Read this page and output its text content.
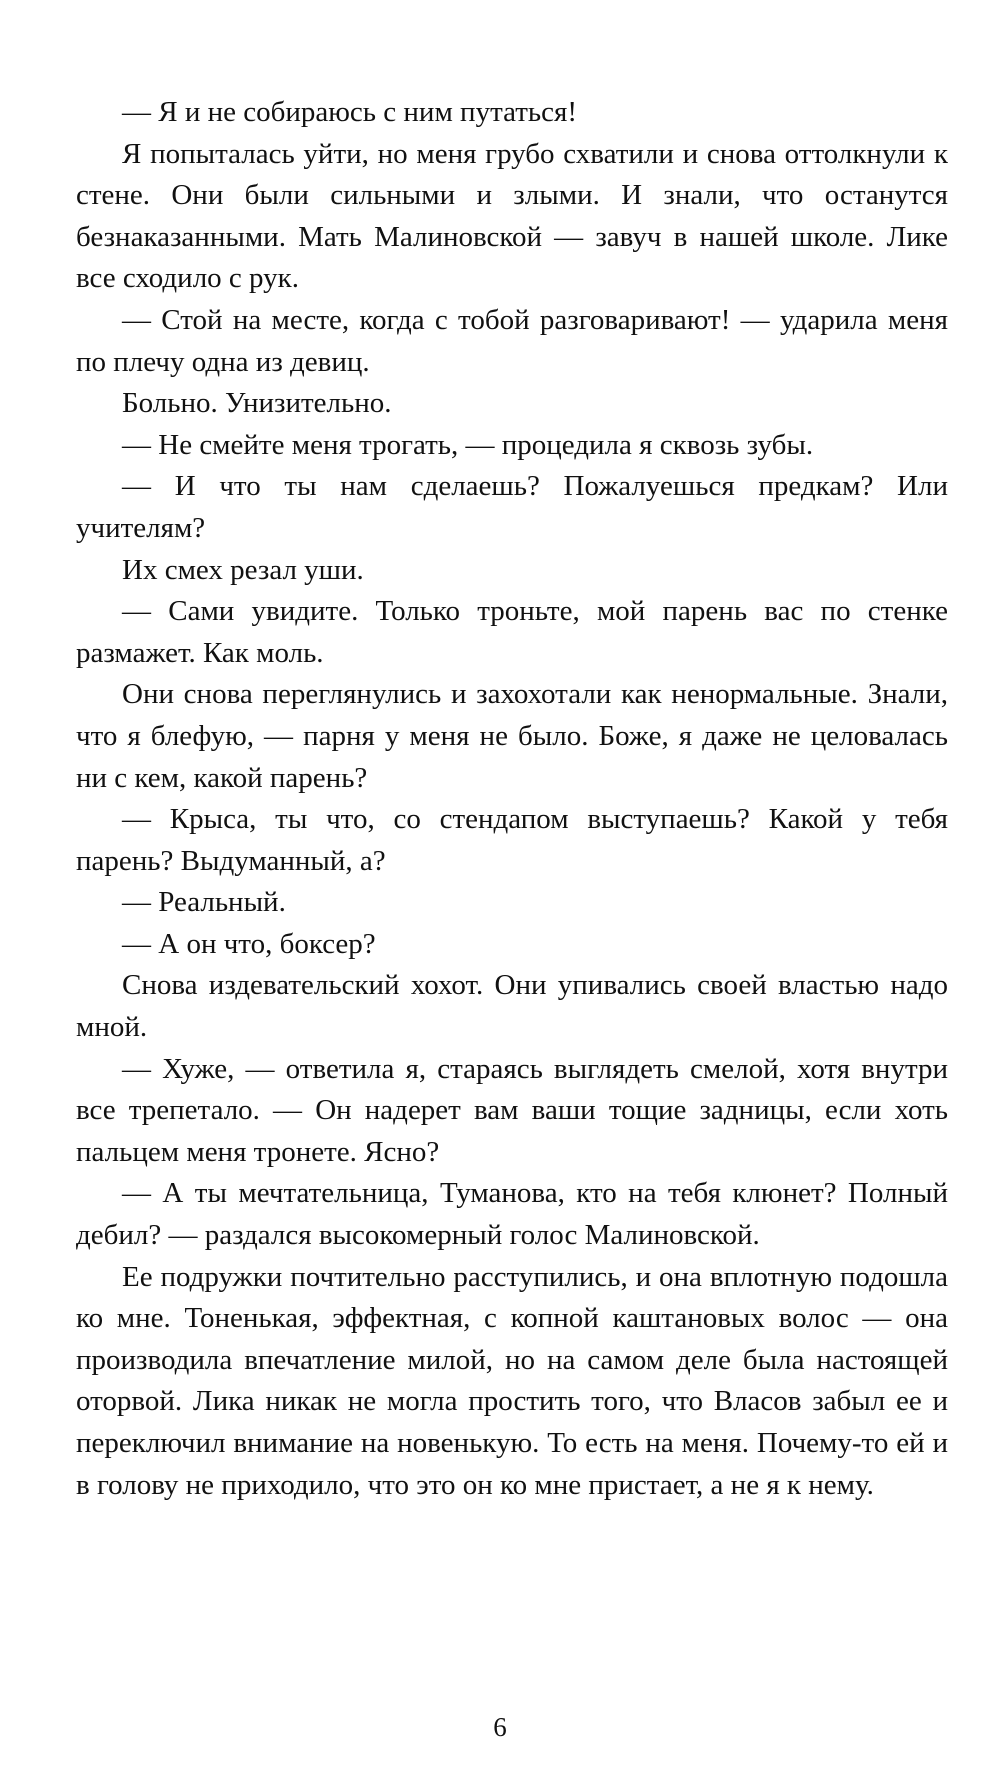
— Я и не собираюсь с ним путаться!

Я попыталась уйти, но меня грубо схватили и снова оттолкнули к стене. Они были сильными и злыми. И знали, что останутся безнаказанными. Мать Малиновской — завуч в нашей школе. Лике все сходило с рук.

— Стой на месте, когда с тобой разговаривают! — ударила меня по плечу одна из девиц.

Больно. Унизительно.

— Не смейте меня трогать, — процедила я сквозь зубы.

— И что ты нам сделаешь? Пожалуешься предкам? Или учителям?

Их смех резал уши.

— Сами увидите. Только троньте, мой парень вас по стенке размажет. Как моль.

Они снова переглянулись и захохотали как ненормальные. Знали, что я блефую, — парня у меня не было. Боже, я даже не целовалась ни с кем, какой парень?

— Крыса, ты что, со стендапом выступаешь? Какой у тебя парень? Выдуманный, а?

— Реальный.

— А он что, боксер?

Снова издевательский хохот. Они упивались своей властью надо мной.

— Хуже, — ответила я, стараясь выглядеть смелой, хотя внутри все трепетало. — Он надерет вам ваши тощие задницы, если хоть пальцем меня тронете. Ясно?

— А ты мечтательница, Туманова, кто на тебя клюнет? Полный дебил? — раздался высокомерный голос Малиновской.

Ее подружки почтительно расступились, и она вплотную подошла ко мне. Тоненькая, эффектная, с копной каштановых волос — она производила впечатление милой, но на самом деле была настоящей оторвой. Лика никак не могла простить того, что Власов забыл ее и переключил внимание на новенькую. То есть на меня. Почему-то ей и в голову не приходило, что это он ко мне пристает, а не я к нему.

6
